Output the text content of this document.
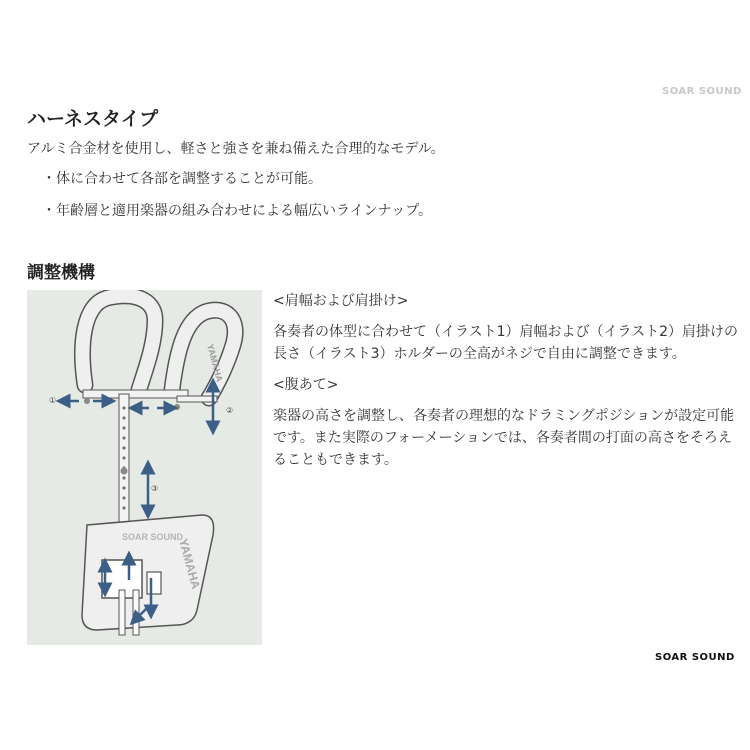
SOAR SOUND
ハーネスタイプ
アルミ合金材を使用し、軽さと強さを兼ね備えた合理的なモデル。
・体に合わせて各部を調整することが可能。
・年齢層と適用楽器の組み合わせによる幅広いラインナップ。
調整機構
YAMAHA
①
②
③
YAMAHA
SOAR SOUND

<肩幅および肩掛け>

各奏者の体型に合わせて（イラスト1）肩幅および（イラスト2）肩掛けの長さ（イラスト3）ホルダーの全高がネジで自由に調整できます。

<腹あて>

楽器の高さを調整し、各奏者の理想的なドラミングポジションが設定可能です。また実際のフォーメーションでは、各奏者間の打面の高さをそろえることもできます。

SOAR SOUND
